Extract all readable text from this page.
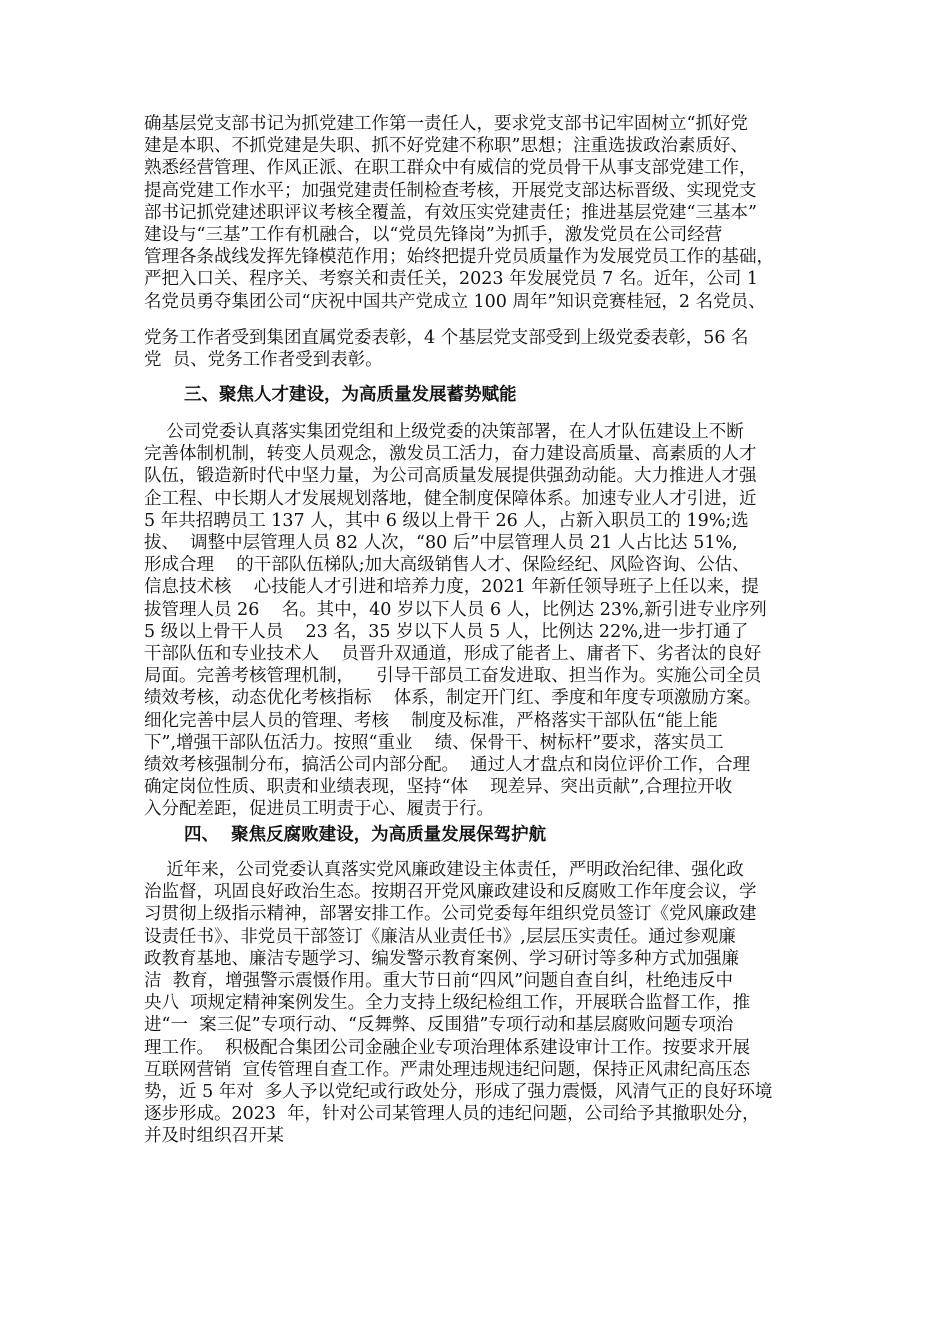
确基层党支部书记为抓党建工作第一责任人，要求党支部书记牢固树立“抓好党
建是本职、不抓党建是失职、抓不好党建不称职”思想；注重选拔政治素质好、
熟悉经营管理、作风正派、在职工群众中有威信的党员骨干从事支部党建工作，
提高党建工作水平；加强党建责任制检查考核，开展党支部达标晋级、实现党支
部书记抓党建述职评议考核全覆盖，有效压实党建责任；推进基层党建“三基本”
建设与“三基”工作有机融合，以“党员先锋岗”为抓手，激发党员在公司经营
管理各条战线发挥先锋模范作用；始终把提升党员质量作为发展党员工作的基础，
严把入口关、程序关、考察关和责任关，2023 年发展党员 7 名。近年，公司 1
名党员勇夺集团公司“庆祝中国共产党成立 100 周年”知识竞赛桂冠，2 名党员、
党务工作者受到集团直属党委表彰，4 个基层党支部受到上级党委表彰，56 名
党  员、党务工作者受到表彰。
三、聚焦人才建设，为高质量发展蓄势赋能
公司党委认真落实集团党组和上级党委的决策部署，在人才队伍建设上不断
完善体制机制，转变人员观念，激发员工活力，奋力建设高质量、高素质的人才
队伍，锻造新时代中坚力量，为公司高质量发展提供强劲动能。大力推进人才强
企工程、中长期人才发展规划落地，健全制度保障体系。加速专业人才引进，近
5 年共招聘员工 137 人，其中 6 级以上骨干 26 人，占新入职员工的 19%;选
拔、  调整中层管理人员 82 人次，“80 后”中层管理人员 21 人占比达 51%,
形成合理    的干部队伍梯队;加大高级销售人才、保险经纪、风险咨询、公估、
信息技术核    心技能人才引进和培养力度，2021 年新任领导班子上任以来，提
拔管理人员 26    名。其中，40 岁以下人员 6 人，比例达 23%,新引进专业序列
5 级以上骨干人员    23 名，35 岁以下人员 5 人，比例达 22%,进一步打通了
干部队伍和专业技术人    员晋升双通道，形成了能者上、庸者下、劣者汰的良好
局面。完善考核管理机制，    引导干部员工奋发进取、担当作为。实施公司全员
绩效考核，动态优化考核指标    体系，制定开门红、季度和年度专项激励方案。
细化完善中层人员的管理、考核    制度及标准，严格落实干部队伍“能上能
下”,增强干部队伍活力。按照“重业    绩、保骨干、树标杆”要求，落实员工
绩效考核强制分布，搞活公司内部分配。  通过人才盘点和岗位评价工作，合理
确定岗位性质、职责和业绩表现，坚持“体    现差异、突出贡献”,合理拉开收
入分配差距，促进员工明责于心、履责于行。
四、  聚焦反腐败建设，为高质量发展保驾护航
近年来，公司党委认真落实党风廉政建设主体责任，严明政治纪律、强化政
治监督，巩固良好政治生态。按期召开党风廉政建设和反腐败工作年度会议，学
习贯彻上级指示精神，部署安排工作。公司党委每年组织党员签订《党风廉政建
设责任书》、非党员干部签订《廉洁从业责任书》,层层压实责任。通过参观廉
政教育基地、廉洁专题学习、编发警示教育案例、学习研讨等多种方式加强廉
洁  教育，增强警示震慑作用。重大节日前“四风”问题自查自纠，杜绝违反中
央八  项规定精神案例发生。全力支持上级纪检组工作，开展联合监督工作，推
进“一  案三促”专项行动、“反舞弊、反围猎”专项行动和基层腐败问题专项治
理工作。  积极配合集团公司金融企业专项治理体系建设审计工作。按要求开展
互联网营销  宣传管理自查工作。严肃处理违规违纪问题，保持正风肃纪高压态
势，近 5 年对  多人予以党纪或行政处分，形成了强力震慑，风清气正的良好环境
逐步形成。2023  年，针对公司某管理人员的违纪问题，公司给予其撤职处分，
并及时组织召开某
